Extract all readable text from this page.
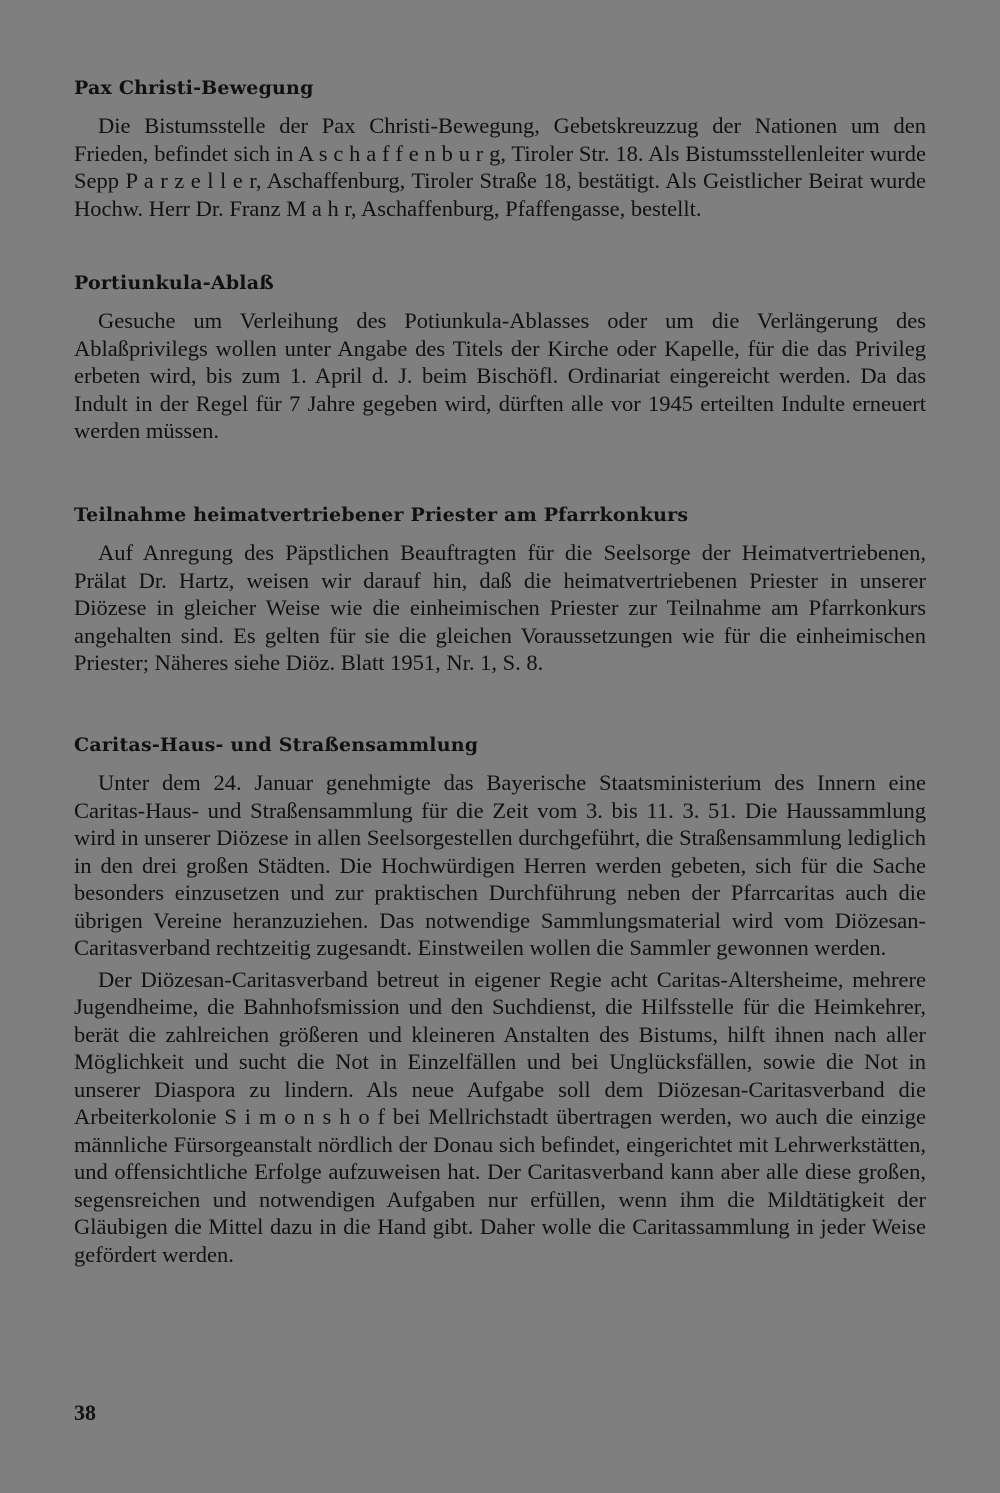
Pax Christi-Bewegung

Die Bistumsstelle der Pax Christi-Bewegung, Gebetskreuzzug der Nationen um den Frieden, befindet sich in A s c h a f f e n b u r g, Tiroler Str. 18. Als Bistumsstellenleiter wurde Sepp P a r z e l l e r, Aschaffenburg, Tiroler Straße 18, bestätigt. Als Geistlicher Beirat wurde Hochw. Herr Dr. Franz M a h r, Aschaffenburg, Pfaffengasse, bestellt.

Portiunkula-Ablaß

Gesuche um Verleihung des Potiunkula-Ablasses oder um die Verlängerung des Ablaßprivilegs wollen unter Angabe des Titels der Kirche oder Kapelle, für die das Privileg erbeten wird, bis zum 1. April d. J. beim Bischöfl. Ordinariat eingereicht werden. Da das Indult in der Regel für 7 Jahre gegeben wird, dürften alle vor 1945 erteilten Indulte erneuert werden müssen.

Teilnahme heimatvertriebener Priester am Pfarrkonkurs

Auf Anregung des Päpstlichen Beauftragten für die Seelsorge der Heimatvertriebenen, Prälat Dr. Hartz, weisen wir darauf hin, daß die heimatvertriebenen Priester in unserer Diözese in gleicher Weise wie die einheimischen Priester zur Teilnahme am Pfarrkonkurs angehalten sind. Es gelten für sie die gleichen Voraussetzungen wie für die einheimischen Priester; Näheres siehe Diöz. Blatt 1951, Nr. 1, S. 8.

Caritas-Haus- und Straßensammlung

Unter dem 24. Januar genehmigte das Bayerische Staatsministerium des Innern eine Caritas-Haus- und Straßensammlung für die Zeit vom 3. bis 11. 3. 51. Die Haussammlung wird in unserer Diözese in allen Seelsorgestellen durchgeführt, die Straßensammlung lediglich in den drei großen Städten. Die Hochwürdigen Herren werden gebeten, sich für die Sache besonders einzusetzen und zur praktischen Durchführung neben der Pfarrcaritas auch die übrigen Vereine heranzuziehen. Das notwendige Sammlungsmaterial wird vom Diözesan-Caritasverband rechtzeitig zugesandt. Einstweilen wollen die Sammler gewonnen werden.

Der Diözesan-Caritasverband betreut in eigener Regie acht Caritas-Altersheime, mehrere Jugendheime, die Bahnhofsmission und den Suchdienst, die Hilfsstelle für die Heimkehrer, berät die zahlreichen größeren und kleineren Anstalten des Bistums, hilft ihnen nach aller Möglichkeit und sucht die Not in Einzelfällen und bei Unglücksfällen, sowie die Not in unserer Diaspora zu lindern. Als neue Aufgabe soll dem Diözesan-Caritasverband die Arbeiterkolonie S i m o n s h o f bei Mellrichstadt übertragen werden, wo auch die einzige männliche Fürsorgeanstalt nördlich der Donau sich befindet, eingerichtet mit Lehrwerkstätten, und offensichtliche Erfolge aufzuweisen hat. Der Caritasverband kann aber alle diese großen, segensreichen und notwendigen Aufgaben nur erfüllen, wenn ihm die Mildtätigkeit der Gläubigen die Mittel dazu in die Hand gibt. Daher wolle die Caritassammlung in jeder Weise gefördert werden.

38
